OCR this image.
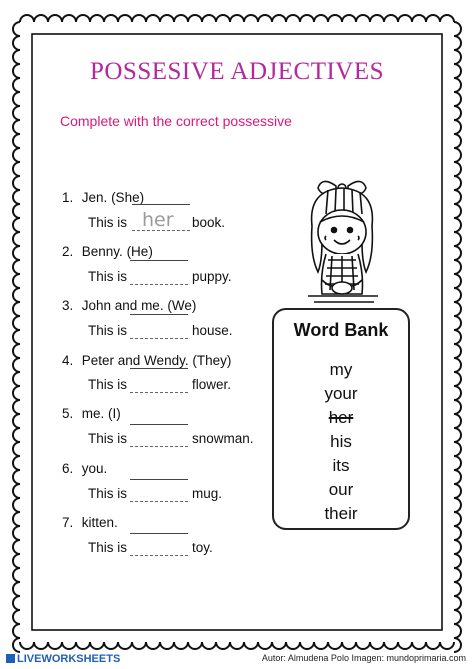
POSSESIVE ADJECTIVES
Complete with the correct possessive
1. Jen. (She)
This is her book.
2. Benny. (He)
This is	puppy.
3. John and me. (We)
This is	house.
4. Peter and Wendy. (They)
This is	flower.
5. me. (I)
This is	snowman.
6. you.
This is	mug.
7. kitten.
This is	toy.
Word Bank
my
your
her
his
its
our
their
LIVEWORKSHEETS	Autor: Almudena Polo Imagen: mundoprimaria.com
